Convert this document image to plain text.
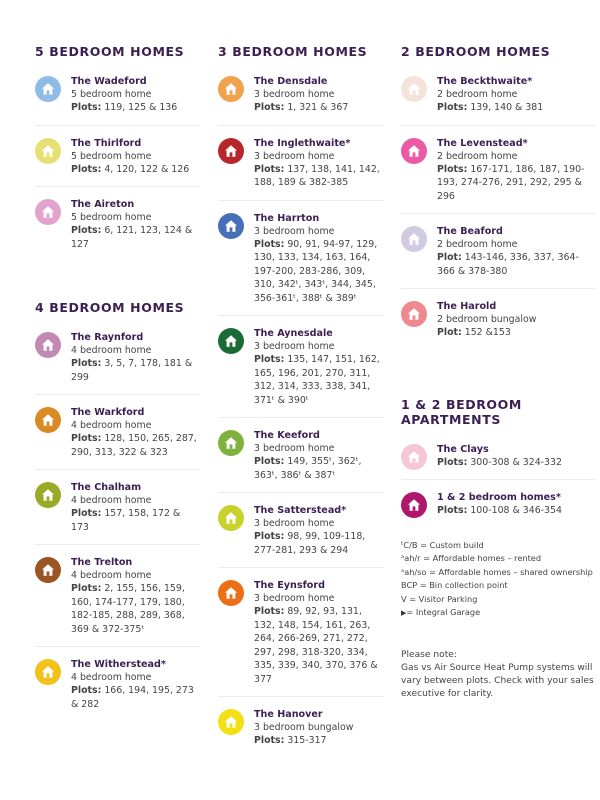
5 BEDROOM HOMES
The Wadeford
5 bedroom home
Plots: 119, 125 & 136
The Thirlford
5 bedroom home
Plots: 4, 120, 122 & 126
The Aireton
5 bedroom home
Plots: 6, 121, 123, 124 & 127
4 BEDROOM HOMES
The Raynford
4 bedroom home
Plots: 3, 5, 7, 178, 181 & 299
The Warkford
4 bedroom home
Plots: 128, 150, 265, 287, 290, 313, 322 & 323
The Chalham
4 bedroom home
Plots: 157, 158, 172 & 173
The Trelton
4 bedroom home
Plots: 2, 155, 156, 159, 160, 174-177, 179, 180, 182-185, 288, 289, 368, 369 & 372-375ᵗ
The Witherstead*
4 bedroom home
Plots: 166, 194, 195, 273 & 282
3 BEDROOM HOMES
The Densdale
3 bedroom home
Plots: 1, 321 & 367
The Inglethwaite*
3 bedroom home
Plots: 137, 138, 141, 142, 188, 189 & 382-385
The Harrton
3 bedroom home
Plots: 90, 91, 94-97, 129, 130, 133, 134, 163, 164, 197-200, 283-286, 309, 310, 342ᵗ, 343ᵗ, 344, 345, 356-361ᵗ, 388ᵗ & 389ᵗ
The Aynesdale
3 bedroom home
Plots: 135, 147, 151, 162, 165, 196, 201, 270, 311, 312, 314, 333, 338, 341, 371ᵗ & 390ᵗ
The Keeford
3 bedroom home
Plots: 149, 355ᵗ, 362ᵗ, 363ᵗ, 386ᵗ & 387ᵗ
The Satterstead*
3 bedroom home
Plots: 98, 99, 109-118, 277-281, 293 & 294
The Eynsford
3 bedroom home
Plots: 89, 92, 93, 131, 132, 148, 154, 161, 263, 264, 266-269, 271, 272, 297, 298, 318-320, 334, 335, 339, 340, 370, 376 & 377
The Hanover
3 bedroom bungalow
Plots: 315-317
2 BEDROOM HOMES
The Beckthwaite*
2 bedroom home
Plots: 139, 140 & 381
The Levenstead*
2 bedroom home
Plots: 167-171, 186, 187, 190-193, 274-276, 291, 292, 295 & 296
The Beaford
2 bedroom home
Plot: 143-146, 336, 337, 364-366 & 378-380
The Harold
2 bedroom bungalow
Plot: 152 &153
1 & 2 BEDROOM APARTMENTS
The Clays
Plots: 300-308 & 324-332
1 & 2 bedroom homes*
Plots: 100-108 & 346-354
ᵗC/B = Custom build
ᵃah/r = Affordable homes – rented
ᵃah/so = Affordable homes – shared ownership
BCP = Bin collection point
V = Visitor Parking
▶= Integral Garage
Please note:
Gas vs Air Source Heat Pump systems will vary between plots. Check with your sales executive for clarity.
